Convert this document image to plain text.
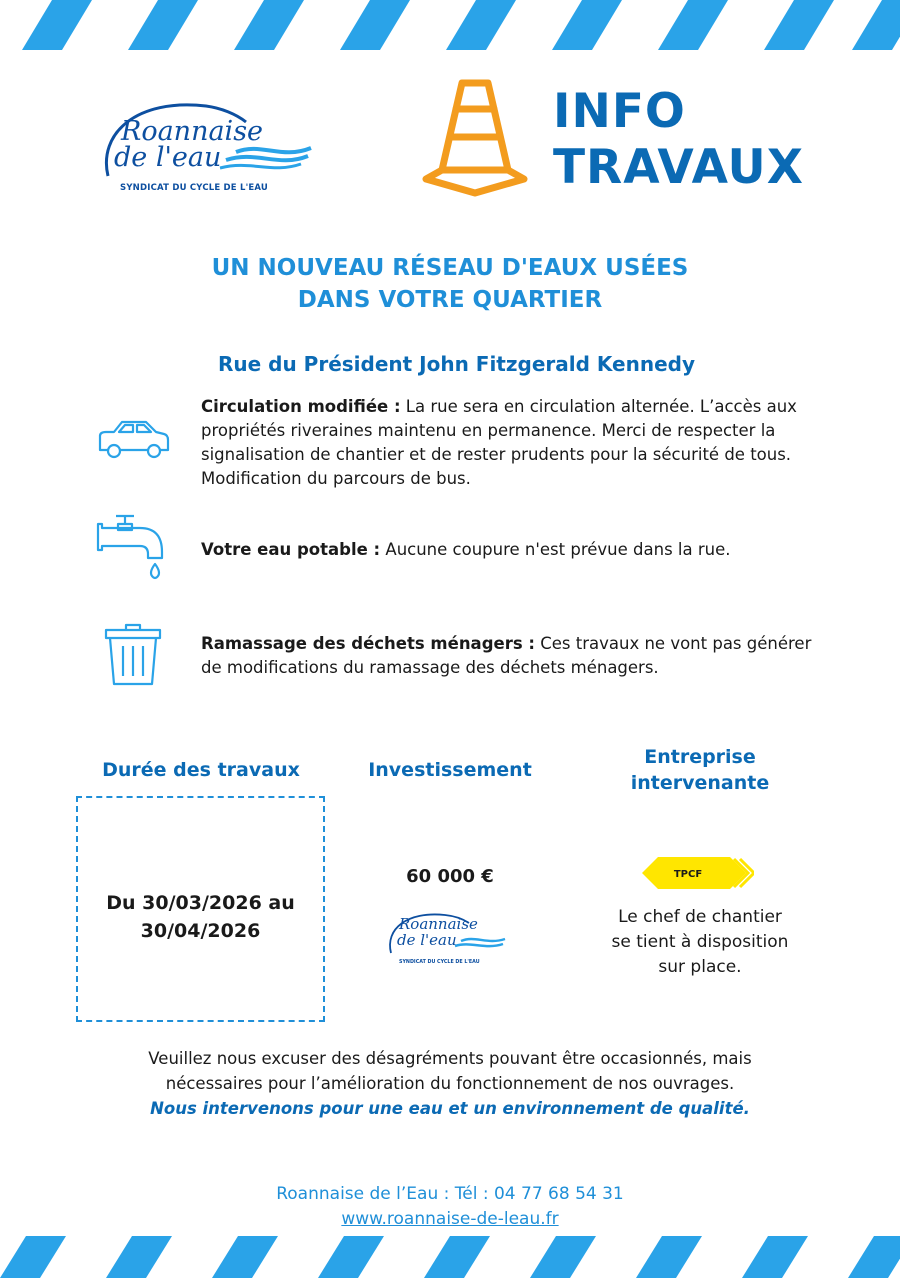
Roannaise
de l'eau
SYNDICAT DU CYCLE DE L'EAU
INFO
TRAVAUX
UN NOUVEAU RÉSEAU D'EAUX USÉES
DANS VOTRE QUARTIER
Rue du Président John Fitzgerald Kennedy
Circulation modifiée : La rue sera en circulation alternée. L’accès aux propriétés riveraines maintenu en permanence. Merci de respecter la signalisation de chantier et de rester prudents pour la sécurité de tous. Modification du parcours de bus.
Votre eau potable : Aucune coupure n'est prévue dans la rue.
Ramassage des déchets ménagers : Ces travaux ne vont pas générer de modifications du ramassage des déchets ménagers.
Durée des travaux	Investissement
Entreprise
intervenante
Du 30/03/2026 au
30/04/2026
60 000 €
Roannaise
de l'eau
SYNDICAT DU CYCLE DE L'EAU
TPCF
Le chef de chantier
se tient à disposition
sur place.
Veuillez nous excuser des désagréments pouvant être occasionnés, mais
nécessaires pour l’amélioration du fonctionnement de nos ouvrages.
Nous intervenons pour une eau et un environnement de qualité.
Roannaise de l’Eau : Tél : 04 77 68 54 31
www.roannaise-de-leau.fr
